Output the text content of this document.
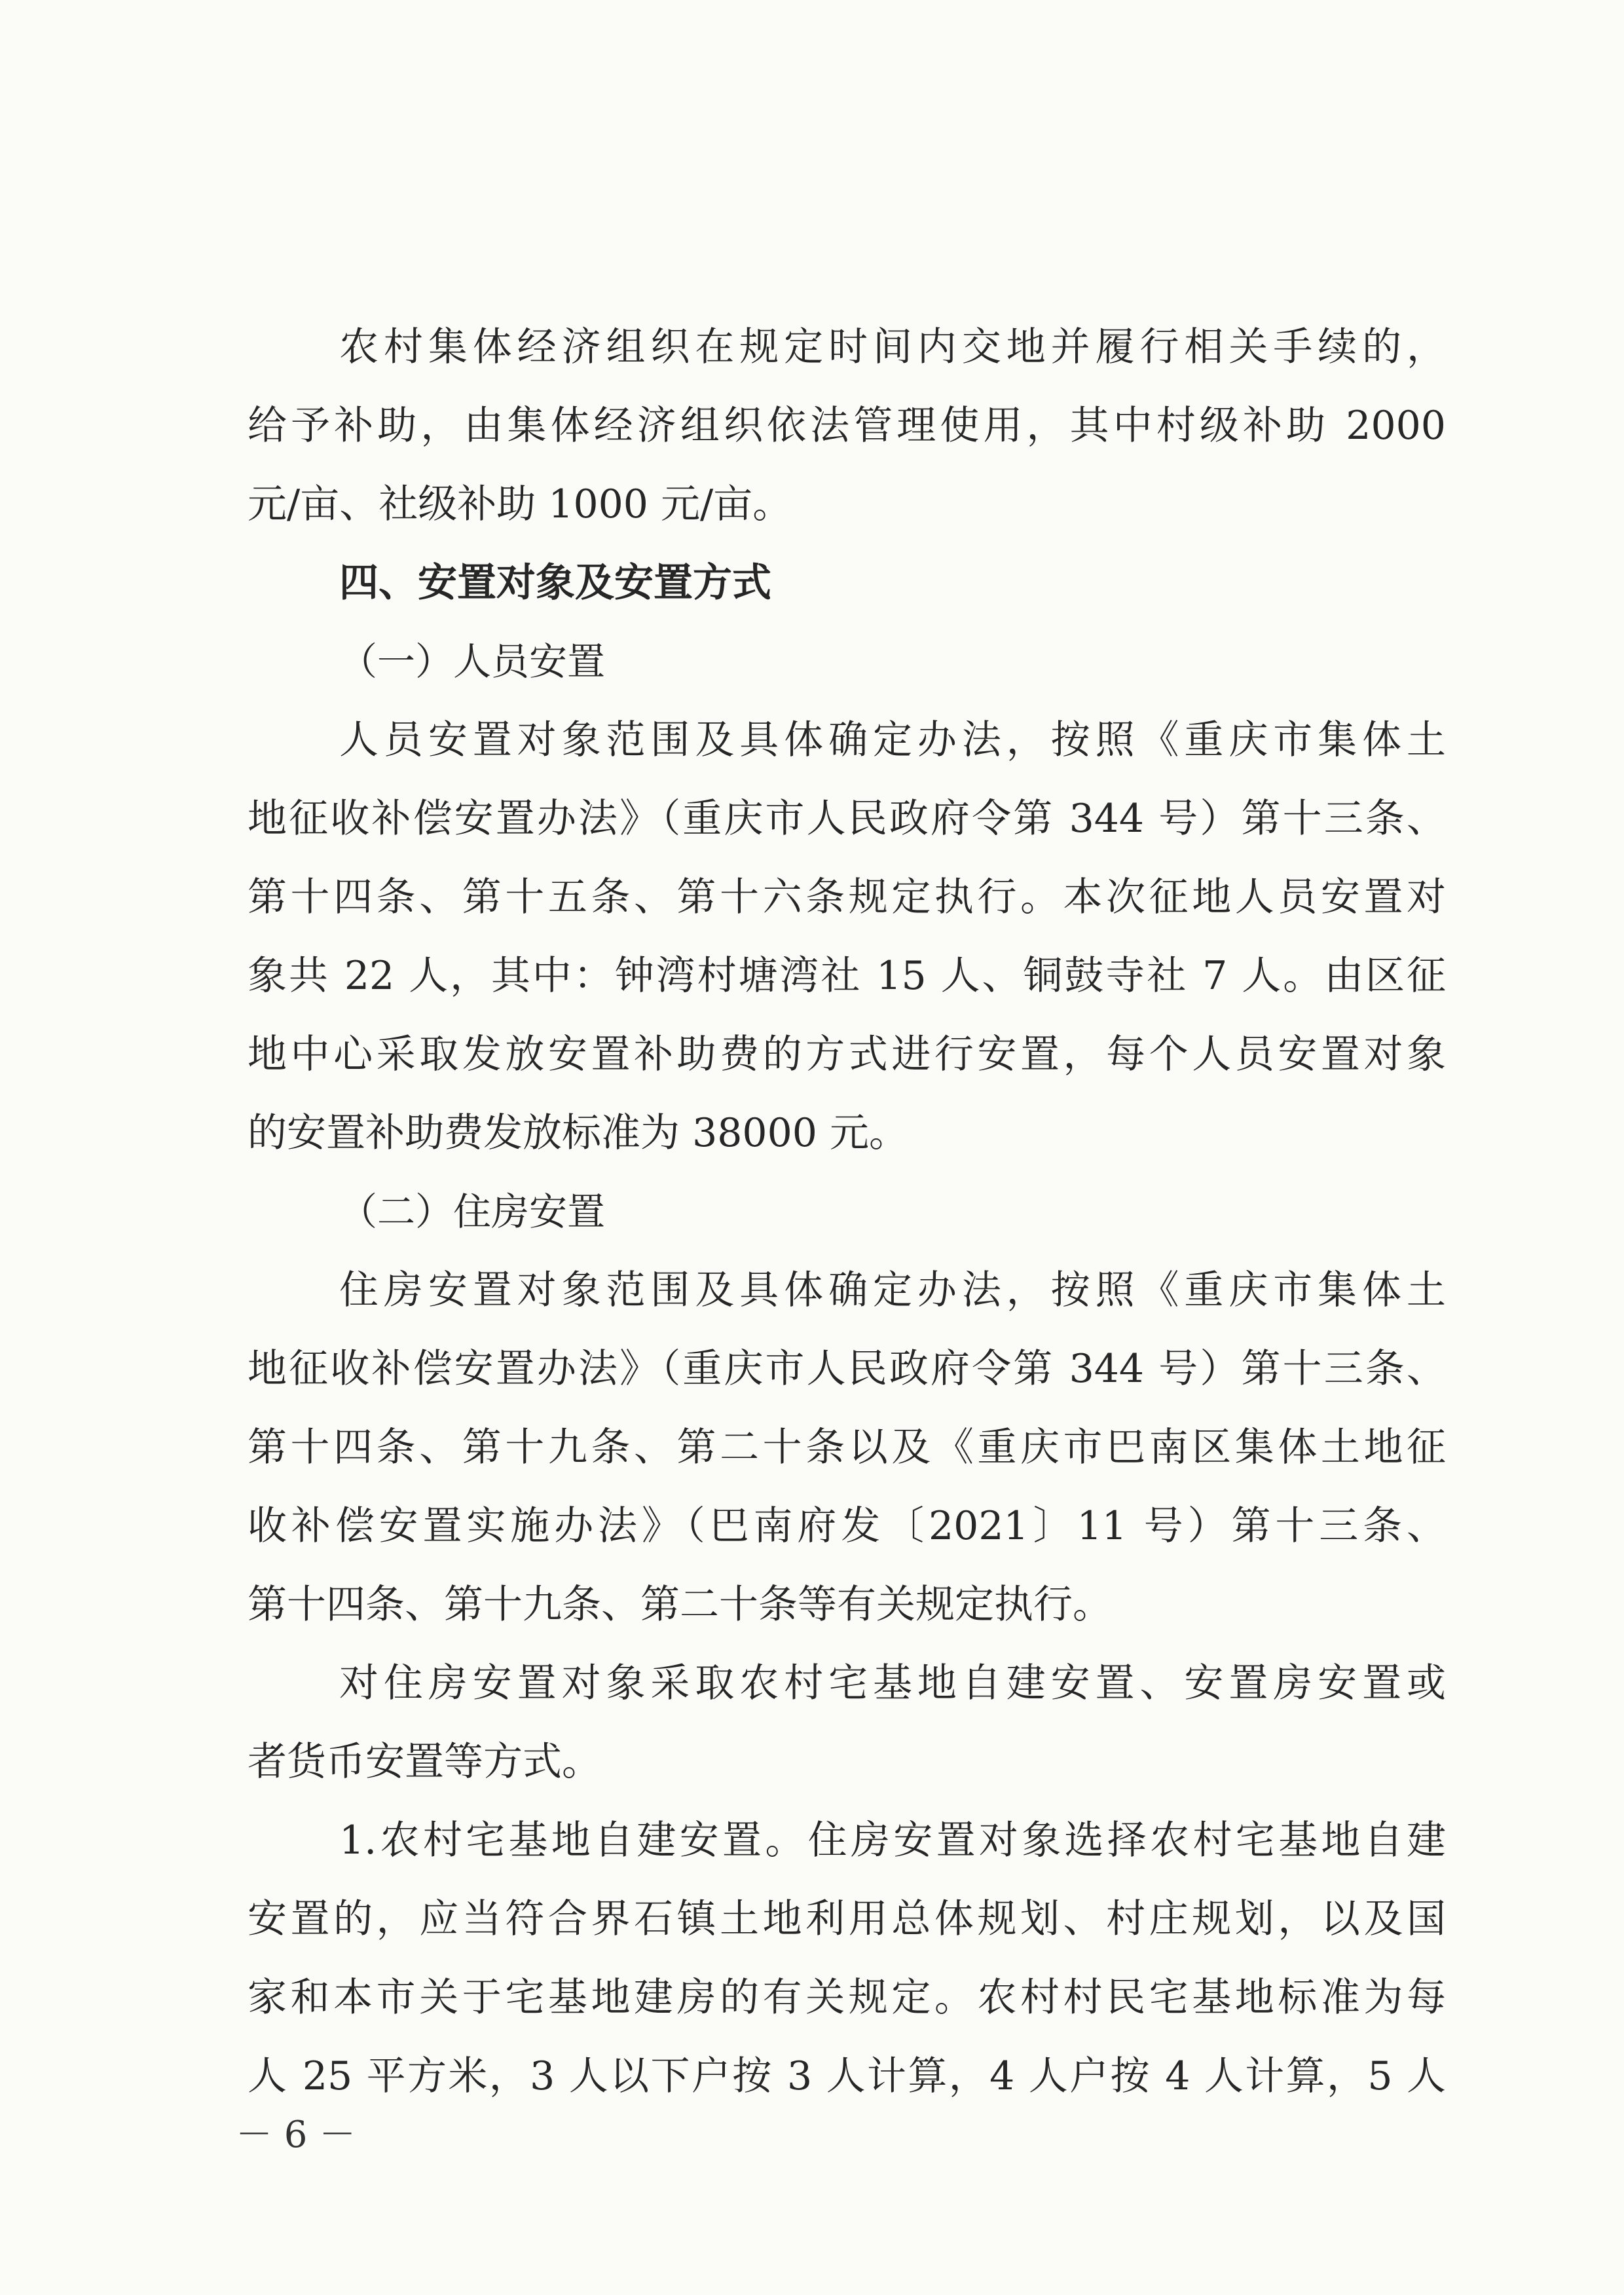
农村集体经济组织在规定时间内交地并履行相关手续的，
给予补助，由集体经济组织依法管理使用，其中村级补助 2000
元/亩、社级补助 1000 元/亩。
四、安置对象及安置方式
（一）人员安置
人员安置对象范围及具体确定办法，按照《重庆市集体土
地征收补偿安置办法》（重庆市人民政府令第 344 号）第十三条、
第十四条、第十五条、第十六条规定执行。本次征地人员安置对
象共 22 人，其中：钟湾村塘湾社 15 人、铜鼓寺社 7 人。由区征
地中心采取发放安置补助费的方式进行安置，每个人员安置对象
的安置补助费发放标准为 38000 元。
（二）住房安置
住房安置对象范围及具体确定办法，按照《重庆市集体土
地征收补偿安置办法》（重庆市人民政府令第 344 号）第十三条、
第十四条、第十九条、第二十条以及《重庆市巴南区集体土地征
收补偿安置实施办法》（巴南府发〔2021〕11 号）第十三条、
第十四条、第十九条、第二十条等有关规定执行。
对住房安置对象采取农村宅基地自建安置、安置房安置或
者货币安置等方式。
1.农村宅基地自建安置。住房安置对象选择农村宅基地自建
安置的，应当符合界石镇土地利用总体规划、村庄规划，以及国
家和本市关于宅基地建房的有关规定。农村村民宅基地标准为每
人 25 平方米，3 人以下户按 3 人计算，4 人户按 4 人计算，5 人
－ 6 －
